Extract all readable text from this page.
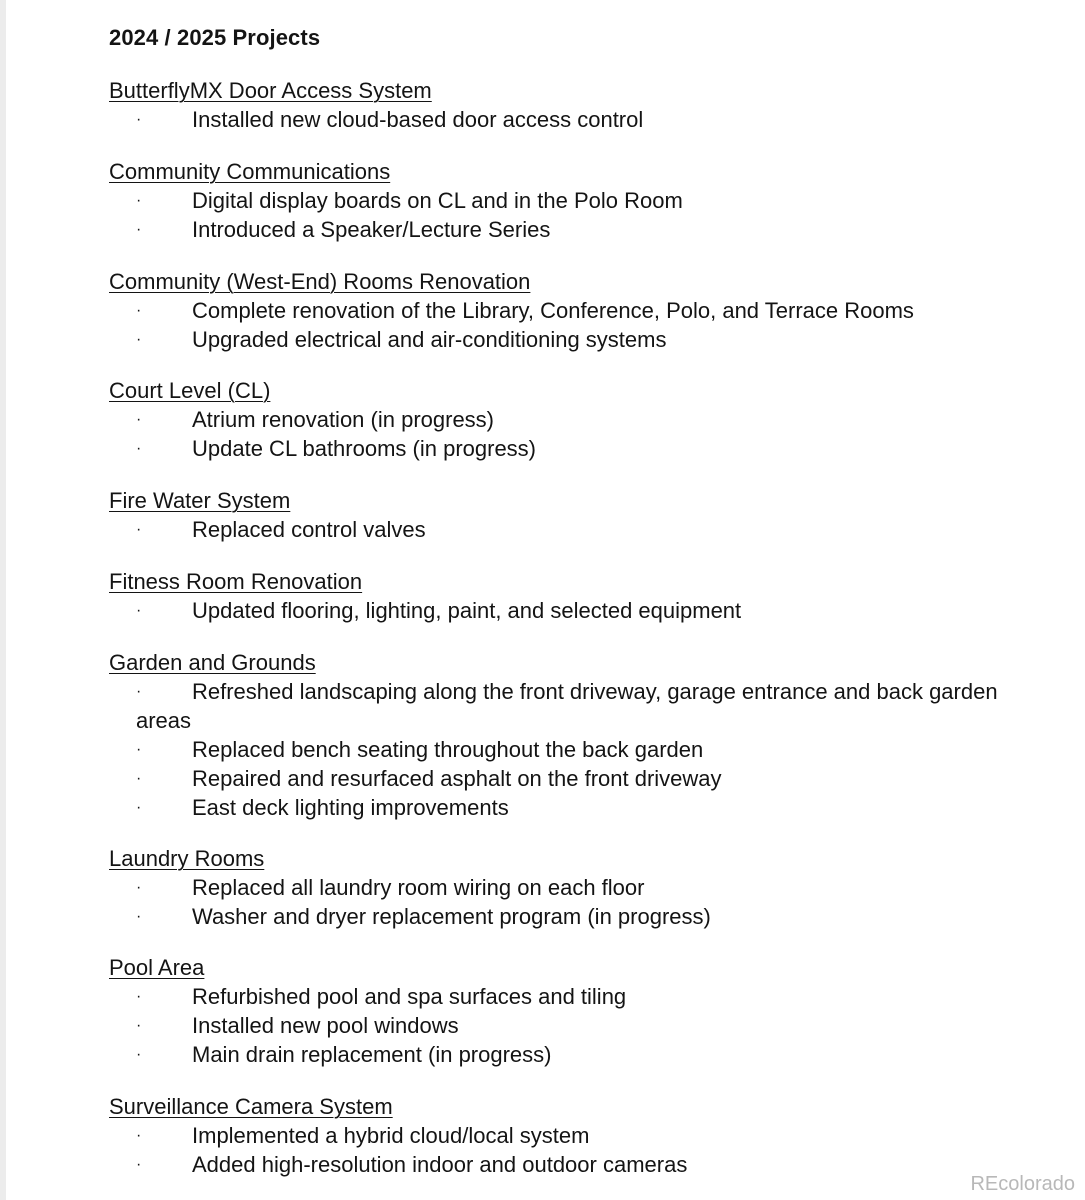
2024 / 2025 Projects
ButterflyMX Door Access System
· Installed new cloud-based door access control
Community Communications
· Digital display boards on CL and in the Polo Room
· Introduced a Speaker/Lecture Series
Community (West-End) Rooms Renovation
· Complete renovation of the Library, Conference, Polo, and Terrace Rooms
· Upgraded electrical and air-conditioning systems
Court Level (CL)
· Atrium renovation (in progress)
· Update CL bathrooms (in progress)
Fire Water System
· Replaced control valves
Fitness Room Renovation
· Updated flooring, lighting, paint, and selected equipment
Garden and Grounds
· Refreshed landscaping along the front driveway, garage entrance and back garden
areas
· Replaced bench seating throughout the back garden
· Repaired and resurfaced asphalt on the front driveway
· East deck lighting improvements
Laundry Rooms
· Replaced all laundry room wiring on each floor
· Washer and dryer replacement program (in progress)
Pool Area
· Refurbished pool and spa surfaces and tiling
· Installed new pool windows
· Main drain replacement (in progress)
Surveillance Camera System
· Implemented a hybrid cloud/local system
· Added high-resolution indoor and outdoor cameras
REcolorado
